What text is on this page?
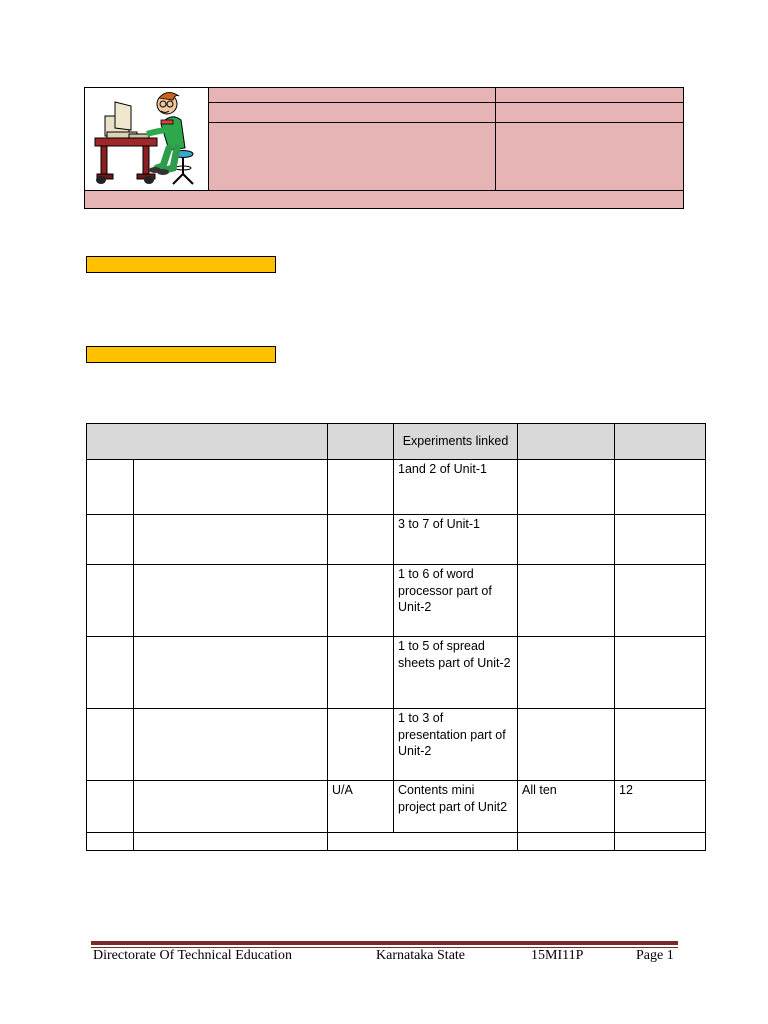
			Experiments linked		
			1and 2 of Unit-1		
			3 to 7 of Unit-1		
			1 to 6 of word processor part of Unit-2		
			1 to 5 of spread sheets part of Unit-2		
			1 to 3 of presentation part of Unit-2		
		U/A	Contents mini project part of Unit2	All ten	12

Directorate Of Technical Education	Karnataka State	15MI11P	Page 1
